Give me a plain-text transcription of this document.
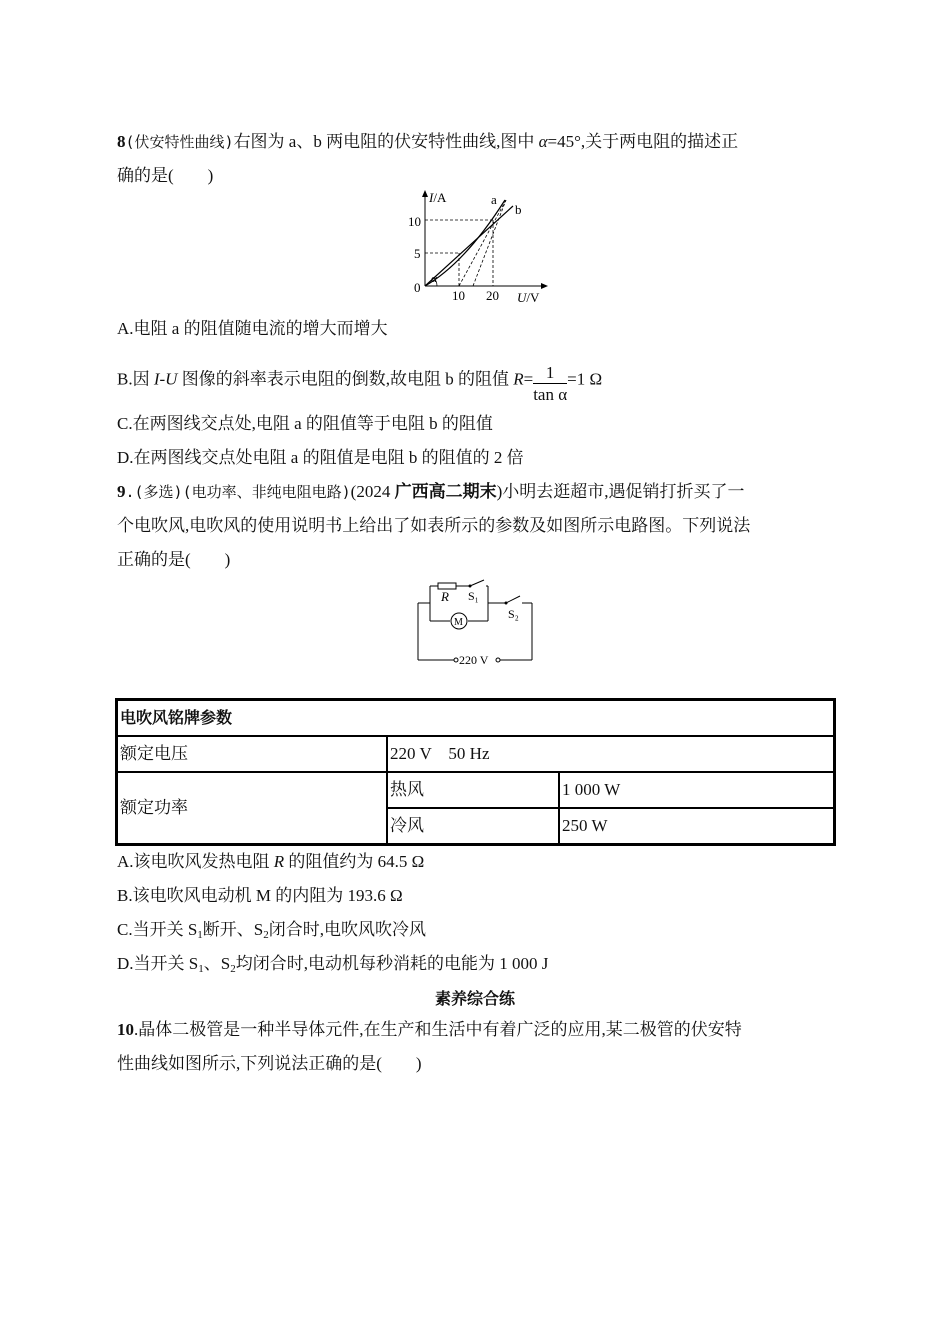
8(伏安特性曲线)右图为 a、b 两电阻的伏安特性曲线,图中 α=45°,关于两电阻的描述正
确的是(　　)
I/A
U/V
10
5
0
10 20
α
a
b
A.电阻 a 的阻值随电流的增大而增大
B.因 I-U 图像的斜率表示电阻的倒数,故电阻 b 的阻值 $R= \frac{1}{\text{tan α}} =1$ Ω
C.在两图线交点处,电阻 a 的阻值等于电阻 b 的阻值
D.在两图线交点处电阻 a 的阻值是电阻 b 的阻值的 2 倍
9.(多选)(电功率、非纯电阻电路)(2024 广西高二期末)小明去逛超市,遇促销打折买了一
个电吹风,电吹风的使用说明书上给出了如表所示的参数及如图所示电路图。下列说法
正确的是(　　)
R S₁
S₂
M
220 V
电吹风铭牌参数		
额定电压	220 V　50 Hz	
额定功率	热风	1 000 W
	冷风	250 W
A.该电吹风发热电阻 R 的阻值约为 64.5 Ω
B.该电吹风电动机 M 的内阻为 193.6 Ω
C.当开关 $S_1$断开、$S_2$闭合时,电吹风吹冷风
D.当开关 $S_1$、$S_2$均闭合时,电动机每秒消耗的电能为 1 000 J
素养综合练
10.晶体二极管是一种半导体元件,在生产和生活中有着广泛的应用,某二极管的伏安特
性曲线如图所示,下列说法正确的是(　　)
